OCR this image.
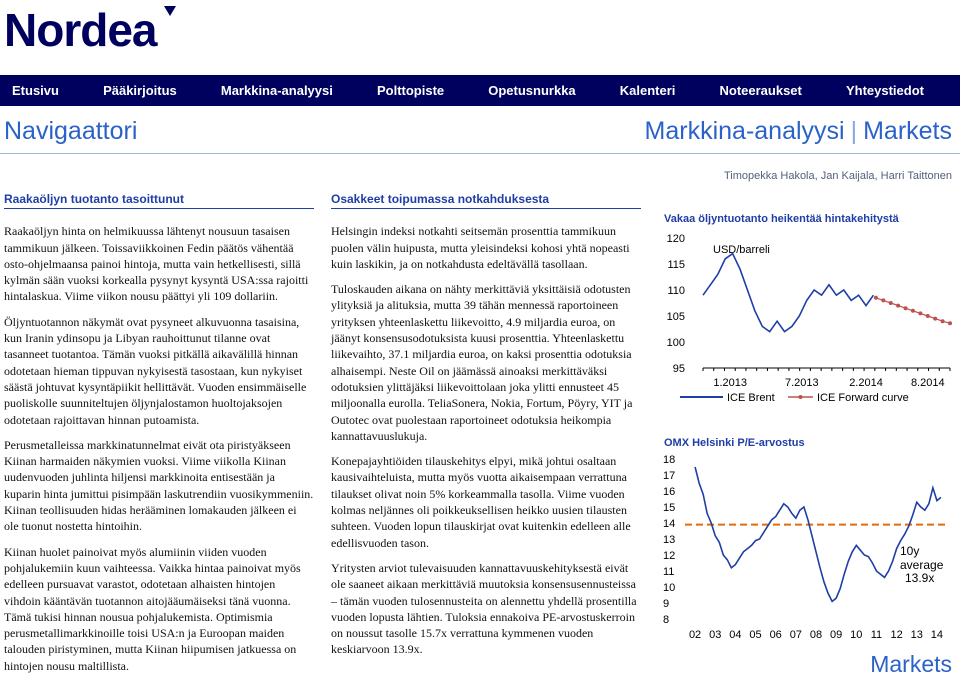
Nordea
Etusivu	Pääkirjoitus	Markkina-analyysi	Polttopiste	Opetusnurkka	Kalenteri	Noteeraukset	Yhteystiedot
Navigaattori	Markkina-analyysi | Markets
Timopekka Hakola, Jan Kaijala, Harri Taittonen
Raakaöljyn tuotanto tasoittunut

Raakaöljyn hinta on helmikuussa lähtenyt nousuun tasaisen tammikuun jälkeen. Toissaviikkoinen Fedin päätös vähentää osto-ohjelmaansa painoi hintoja, mutta vain hetkellisesti, sillä kylmän sään vuoksi korkealla pysynyt kysyntä USA:ssa rajoitti hintalaskua. Viime viikon nousu päättyi yli 109 dollariin.

Öljyntuotannon näkymät ovat pysyneet alkuvuonna tasaisina, kun Iranin ydinsopu ja Libyan rauhoittunut tilanne ovat tasanneet tuotantoa. Tämän vuoksi pitkällä aikavälillä hinnan odotetaan hieman tippuvan nykyisestä tasostaan, kun nykyiset säästä johtuvat kysyntäpiikit hellittävät. Vuoden ensimmäiselle puoliskolle suunniteltujen öljynjalostamon huoltojaksojen odotetaan rajoittavan hinnan putoamista.

Perusmetalleissa markkinatunnelmat eivät ota piristyäkseen Kiinan harmaiden näkymien vuoksi. Viime viikolla Kiinan uudenvuoden juhlinta hiljensi markkinoita entisestään ja kuparin hinta jumittui pisimpään laskutrendiin vuosikymmeniin. Kiinan teollisuuden hidas herääminen lomakauden jälkeen ei ole tuonut nostetta hintoihin.

Kiinan huolet painoivat myös alumiinin viiden vuoden pohjalukemiin kuun vaihteessa. Vaikka hintaa painoivat myös edelleen pursuavat varastot, odotetaan alhaisten hintojen vihdoin kääntävän tuotannon aitojääumäiseksi tänä vuonna. Tämä tukisi hinnan nousua pohjalukemista. Optimismia perusmetallimarkkinoille toisi USA:n ja Euroopan maiden talouden piristyminen, mutta Kiinan hiipumisen jatkuessa on hintojen nousu maltillista.

Osakkeet toipumassa notkahduksesta

Helsingin indeksi notkahti seitsemän prosenttia tammikuun puolen välin huipusta, mutta yleisindeksi kohosi yhtä nopeasti kuin laskikin, ja on notkahdusta edeltävällä tasollaan.

Tuloskauden aikana on nähty merkittäviä yksittäisiä odotusten ylityksiä ja alituksia, mutta 39 tähän mennessä raportoineen yrityksen yhteenlaskettu liikevoitto, 4.9 miljardia euroa, on jäänyt konsensusodotuksista kuusi prosenttia. Yhteenlaskettu liikevaihto, 37.1 miljardia euroa, on kaksi prosenttia odotuksia alhaisempi. Neste Oil on jäämässä ainoaksi merkittäväksi odotuksien ylittäjäksi liikevoittolaan joka ylitti ennusteet 45 miljoonalla eurolla. TeliaSonera, Nokia, Fortum, Pöyry, YIT ja Outotec ovat puolestaan raportoineet odotuksia heikompia kannattavuuslukuja.

Konepajayhtiöiden tilauskehitys elpyi, mikä johtui osaltaan kausivaihteluista, mutta myös vuotta aikaisempaan verrattuna tilaukset olivat noin 5% korkeammalla tasolla. Viime vuoden kolmas neljännes oli poikkeuksellisen heikko uusien tilausten suhteen. Vuoden lopun tilauskirjat ovat kuitenkin edelleen alle edellisvuoden tason.

Yritysten arviot tulevaisuuden kannattavuuskehityksestä eivät ole saaneet aikaan merkittäviä muutoksia konsensusennusteissa – tämän vuoden tulosennusteita on alennettu yhdellä prosentilla vuoden lopusta lähtien. Tuloksia ennakoiva PE-arvostuskerroin on noussut tasolle 15.7x verrattuna kymmenen vuoden keskiarvoon 13.9x.

Vakaa öljyntuotanto heikentää hintakehitystä
95
100
105
110
115
120
1.2013	7.2013	2.2014	8.2014
USD/barreli
ICE Brent	ICE Forward curve
OMX Helsinki P/E-arvostus
8
9
10
11
12
13
14
15
16
17
18
02 03 04 05 06 07 08 09 10 11 12 13 14
10y
average
13.9x
Markets
